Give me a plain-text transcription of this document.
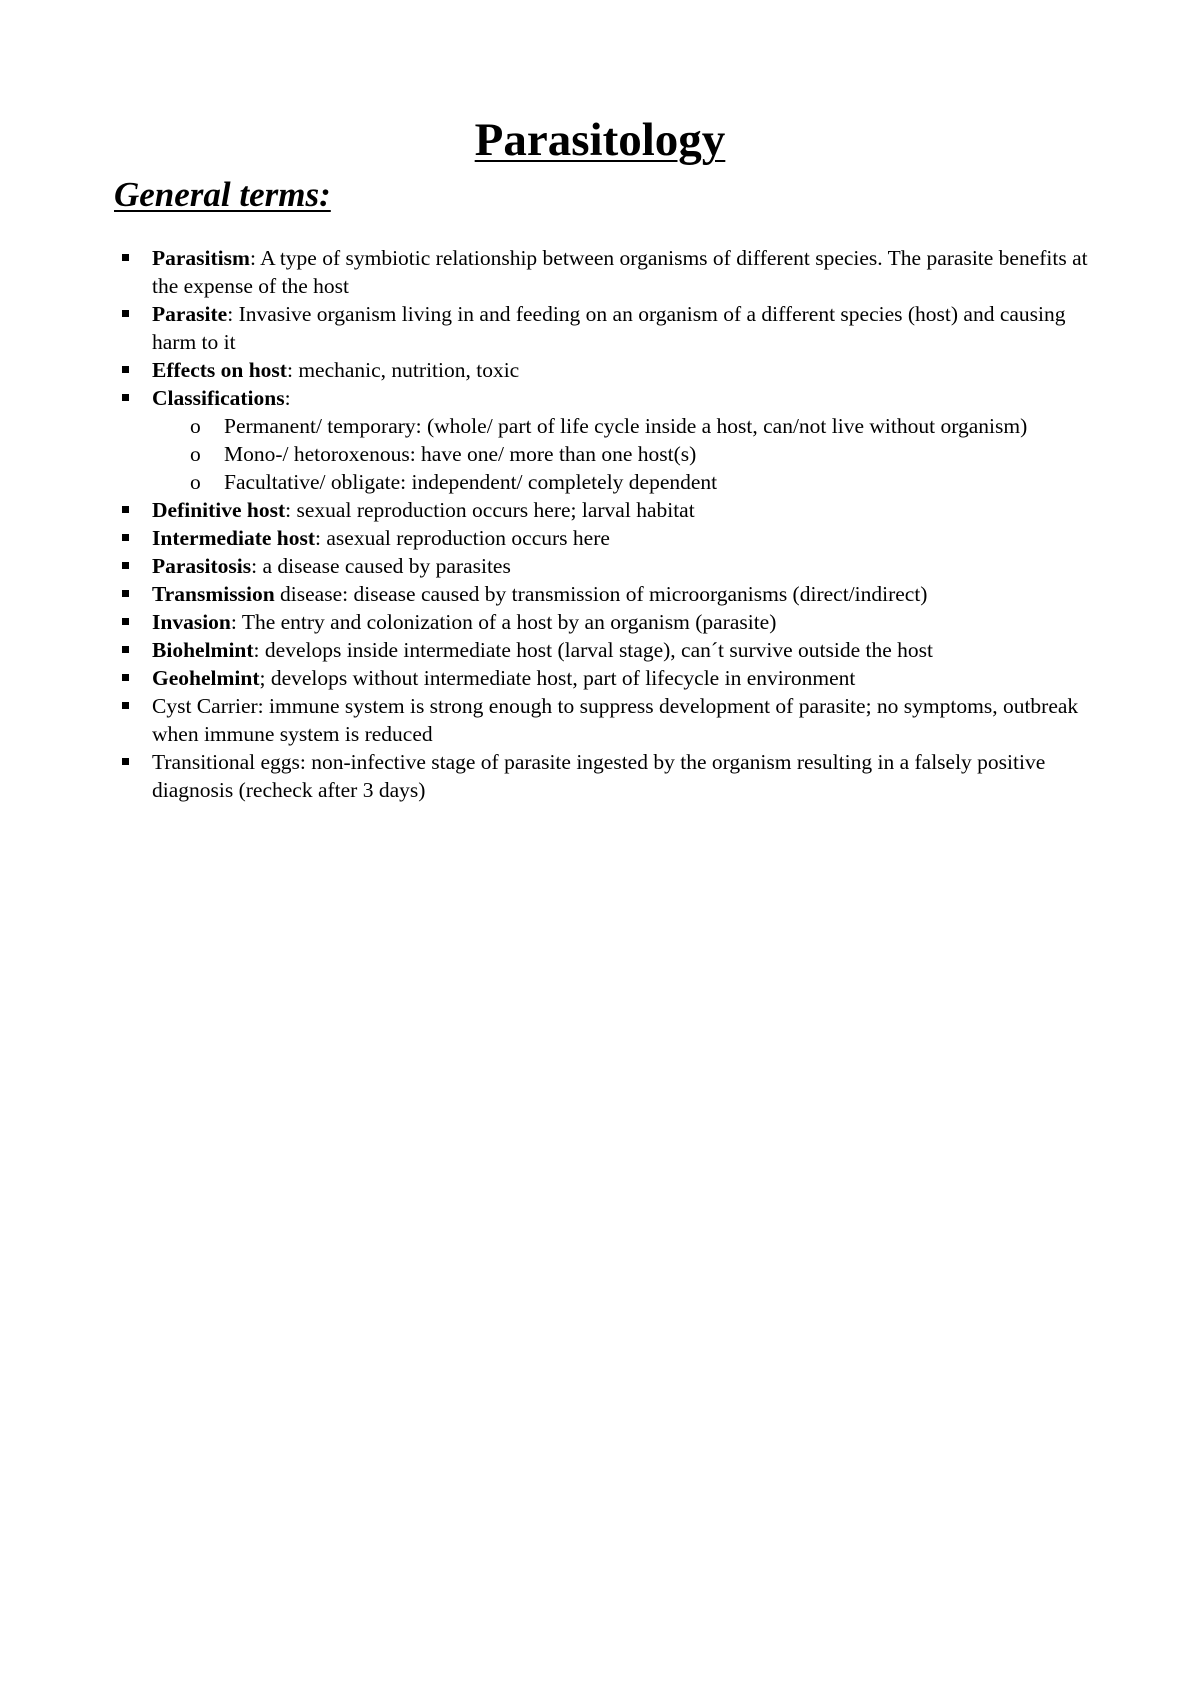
Parasitology
General terms:
Parasitism: A type of symbiotic relationship between organisms of different species. The parasite benefits at the expense of the host
Parasite: Invasive organism living in and feeding on an organism of a different species (host) and causing harm to it
Effects on host: mechanic, nutrition, toxic
Classifications:
o Permanent/ temporary: (whole/ part of life cycle inside a host, can/not live without organism)
o Mono-/ hetoroxenous: have one/ more than one host(s)
o Facultative/ obligate: independent/ completely dependent
Definitive host: sexual reproduction occurs here; larval habitat
Intermediate host: asexual reproduction occurs here
Parasitosis: a disease caused by parasites
Transmission disease: disease caused by transmission of microorganisms (direct/indirect)
Invasion: The entry and colonization of a host by an organism (parasite)
Biohelmint: develops inside intermediate host (larval stage), can´t survive outside the host
Geohelmint; develops without intermediate host, part of lifecycle in environment
Cyst Carrier: immune system is strong enough to suppress development of parasite; no symptoms, outbreak when immune system is reduced
Transitional eggs: non-infective stage of parasite ingested by the organism resulting in a falsely positive diagnosis (recheck after 3 days)
